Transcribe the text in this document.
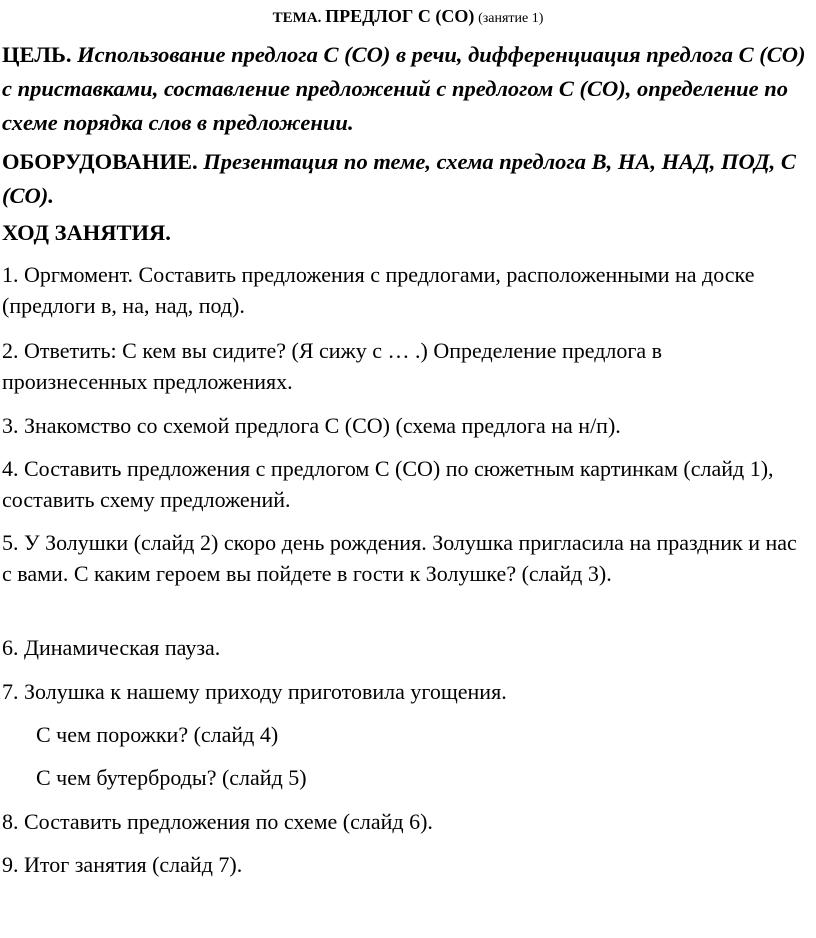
ТЕМА. ПРЕДЛОГ С (СО) (занятие 1)
ЦЕЛЬ. Использование предлога С (СО) в речи, дифференциация предлога С (СО) с приставками, составление предложений с предлогом С (СО), определение по схеме порядка слов в предложении.
ОБОРУДОВАНИЕ. Презентация по теме, схема предлога В, НА, НАД, ПОД, С (СО).
ХОД ЗАНЯТИЯ.
1. Оргмомент. Составить предложения с предлогами, расположенными на доске (предлоги в, на, над, под).
2. Ответить: С кем вы сидите? (Я сижу с … .) Определение предлога в произнесенных предложениях.
3. Знакомство со схемой предлога С (СО) (схема предлога на н/п).
4. Составить предложения с предлогом С (СО) по сюжетным картинкам (слайд 1), составить схему предложений.
5. У Золушки (слайд 2) скоро день рождения. Золушка пригласила на праздник и нас с вами. С каким героем вы пойдете в гости к Золушке? (слайд 3).
6. Динамическая пауза.
7. Золушка к нашему приходу приготовила угощения.
С чем порожки? (слайд 4)
С чем бутерброды? (слайд 5)
8. Составить предложения по схеме (слайд 6).
9. Итог занятия (слайд 7).
